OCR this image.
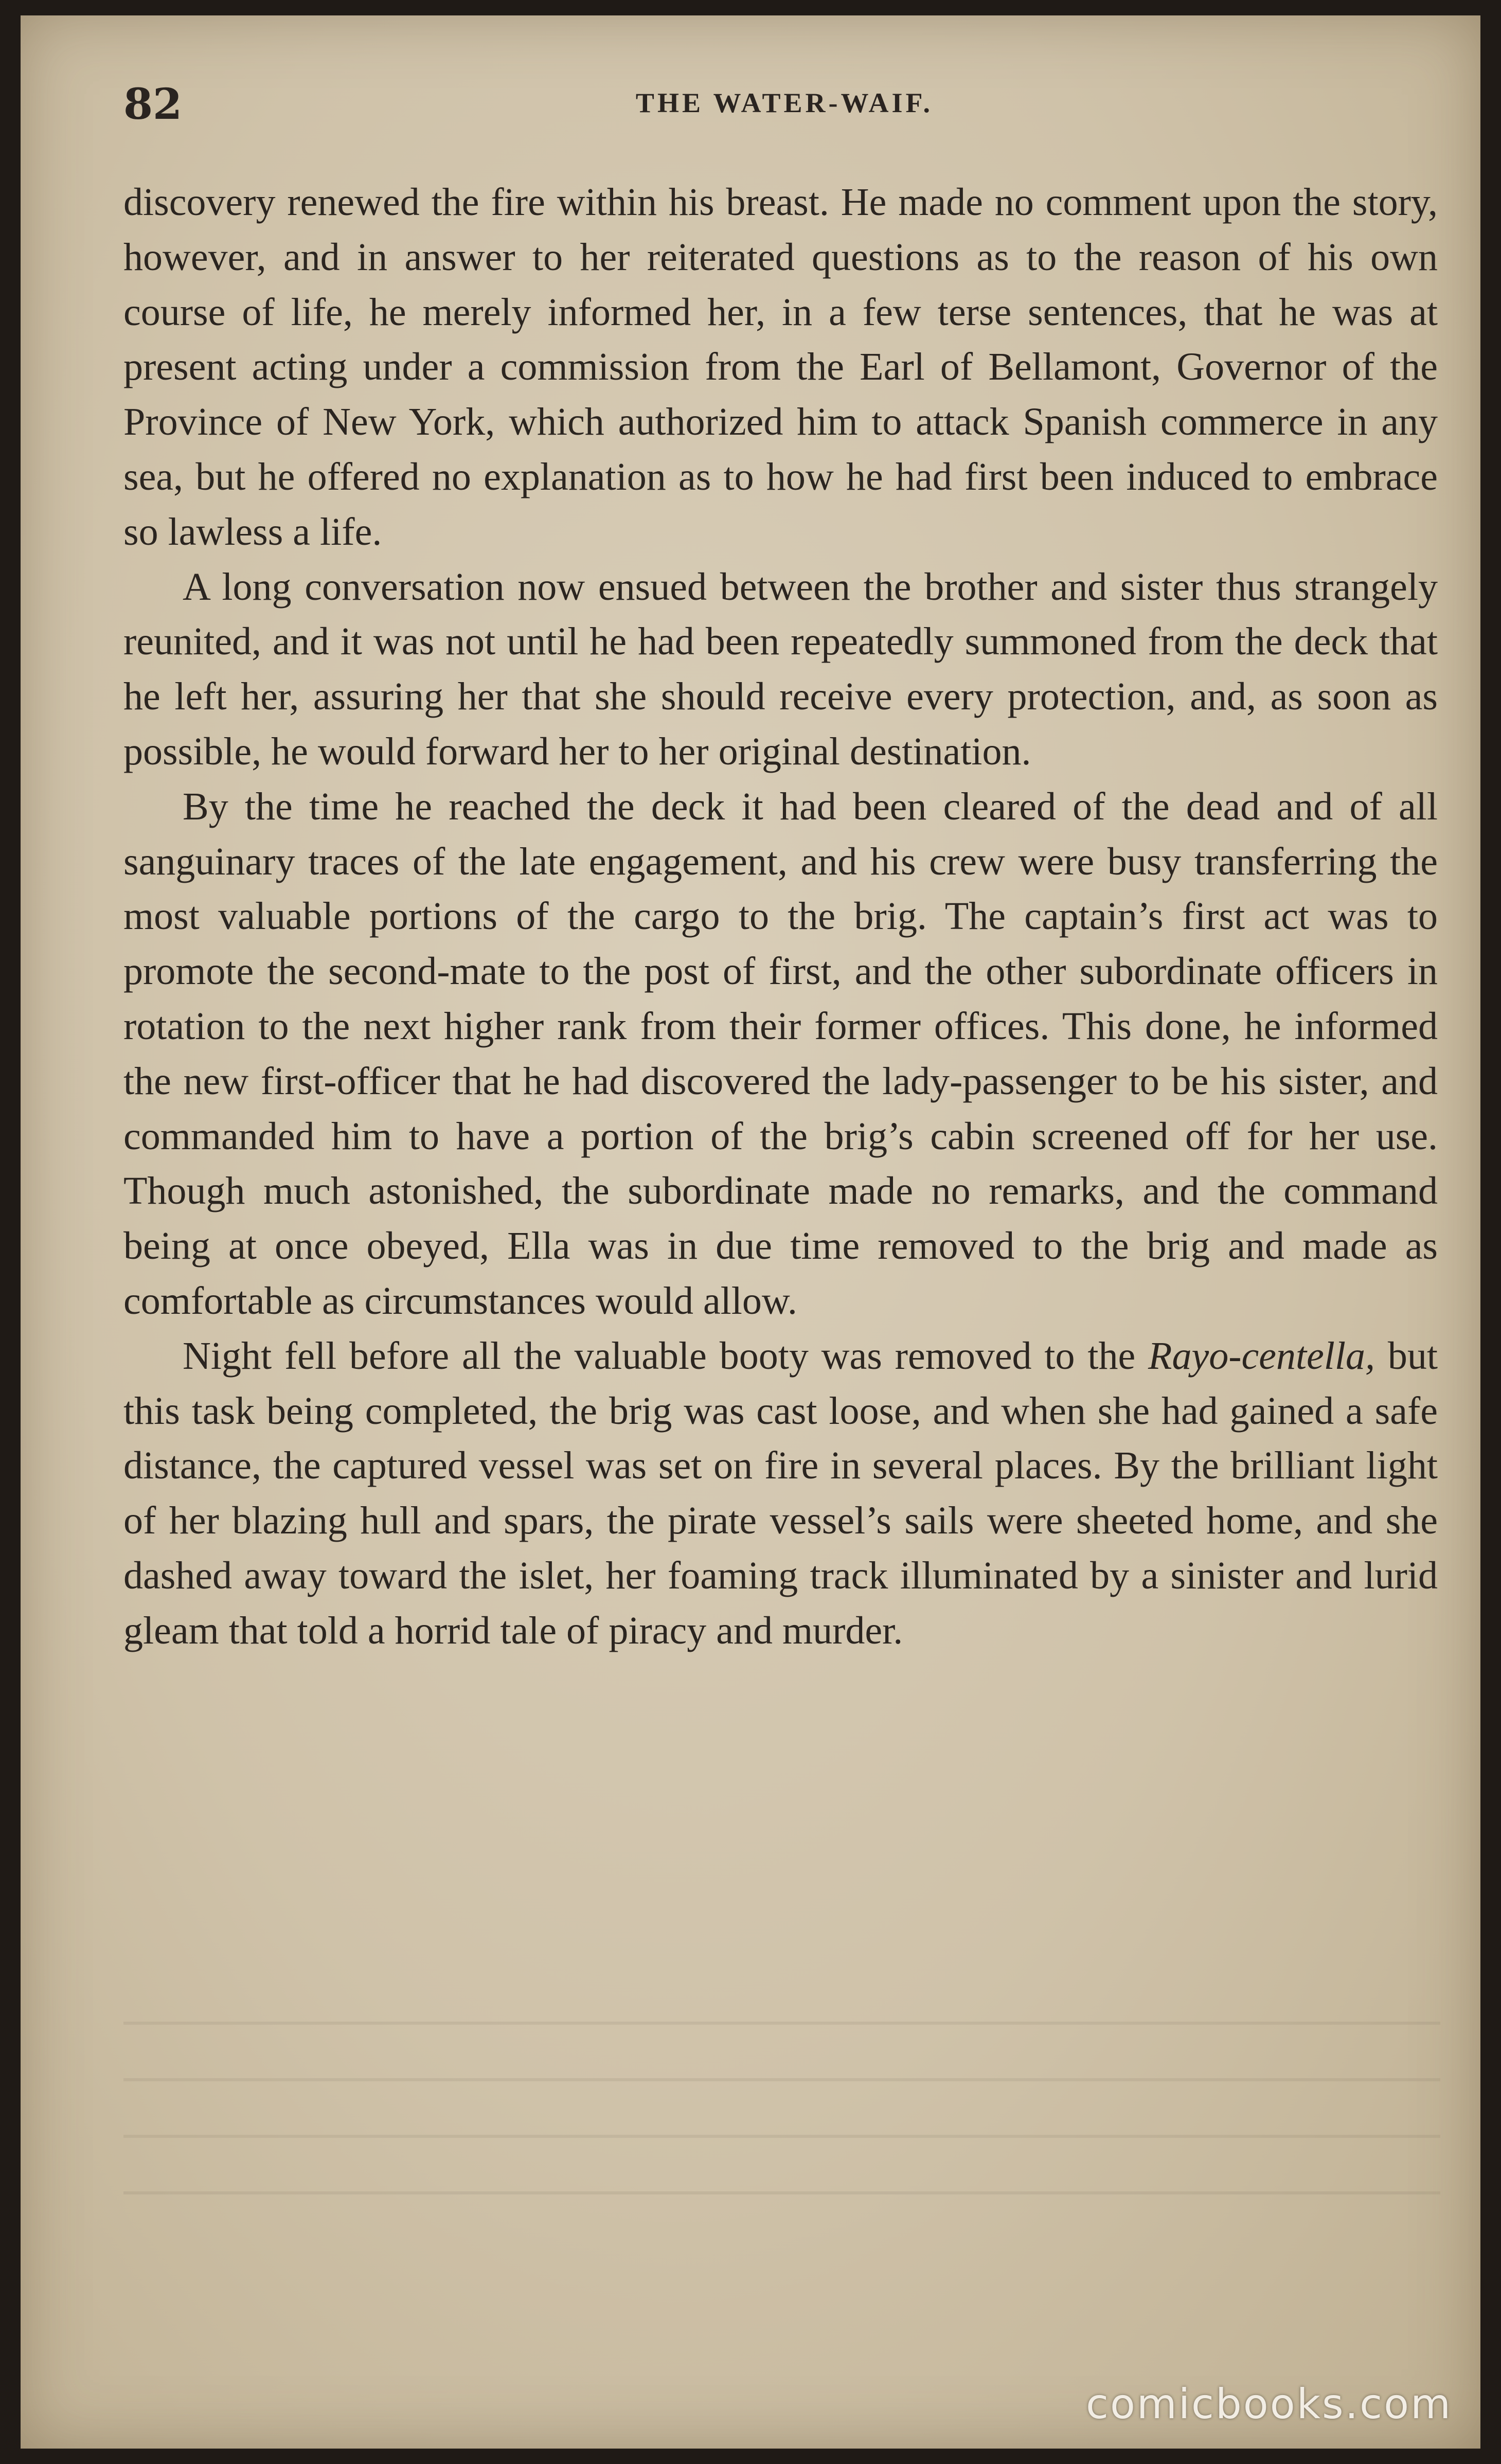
82	THE WATER-WAIF.

discovery renewed the fire within his breast. He made no comment upon the story, however, and in answer to her reiterated questions as to the reason of his own course of life, he merely informed her, in a few terse sentences, that he was at present acting under a commission from the Earl of Bellamont, Governor of the Province of New York, which authorized him to attack Spanish commerce in any sea, but he offered no explanation as to how he had first been induced to embrace so lawless a life.

A long conversation now ensued between the brother and sister thus strangely reunited, and it was not until he had been repeatedly summoned from the deck that he left her, assuring her that she should receive every protection, and, as soon as possible, he would forward her to her original destination.

By the time he reached the deck it had been cleared of the dead and of all sanguinary traces of the late engagement, and his crew were busy transferring the most valuable portions of the cargo to the brig. The captain’s first act was to promote the second-mate to the post of first, and the other subordinate officers in rotation to the next higher rank from their former offices. This done, he informed the new first-officer that he had discovered the lady-passenger to be his sister, and commanded him to have a portion of the brig’s cabin screened off for her use. Though much astonished, the subordinate made no remarks, and the command being at once obeyed, Ella was in due time removed to the brig and made as comfortable as circumstances would allow.

Night fell before all the valuable booty was removed to the Rayo-centella, but this task being completed, the brig was cast loose, and when she had gained a safe distance, the captured vessel was set on fire in several places. By the brilliant light of her blazing hull and spars, the pirate vessel’s sails were sheeted home, and she dashed away toward the islet, her foaming track illuminated by a sinister and lurid gleam that told a horrid tale of piracy and murder.

comicbooks.com
